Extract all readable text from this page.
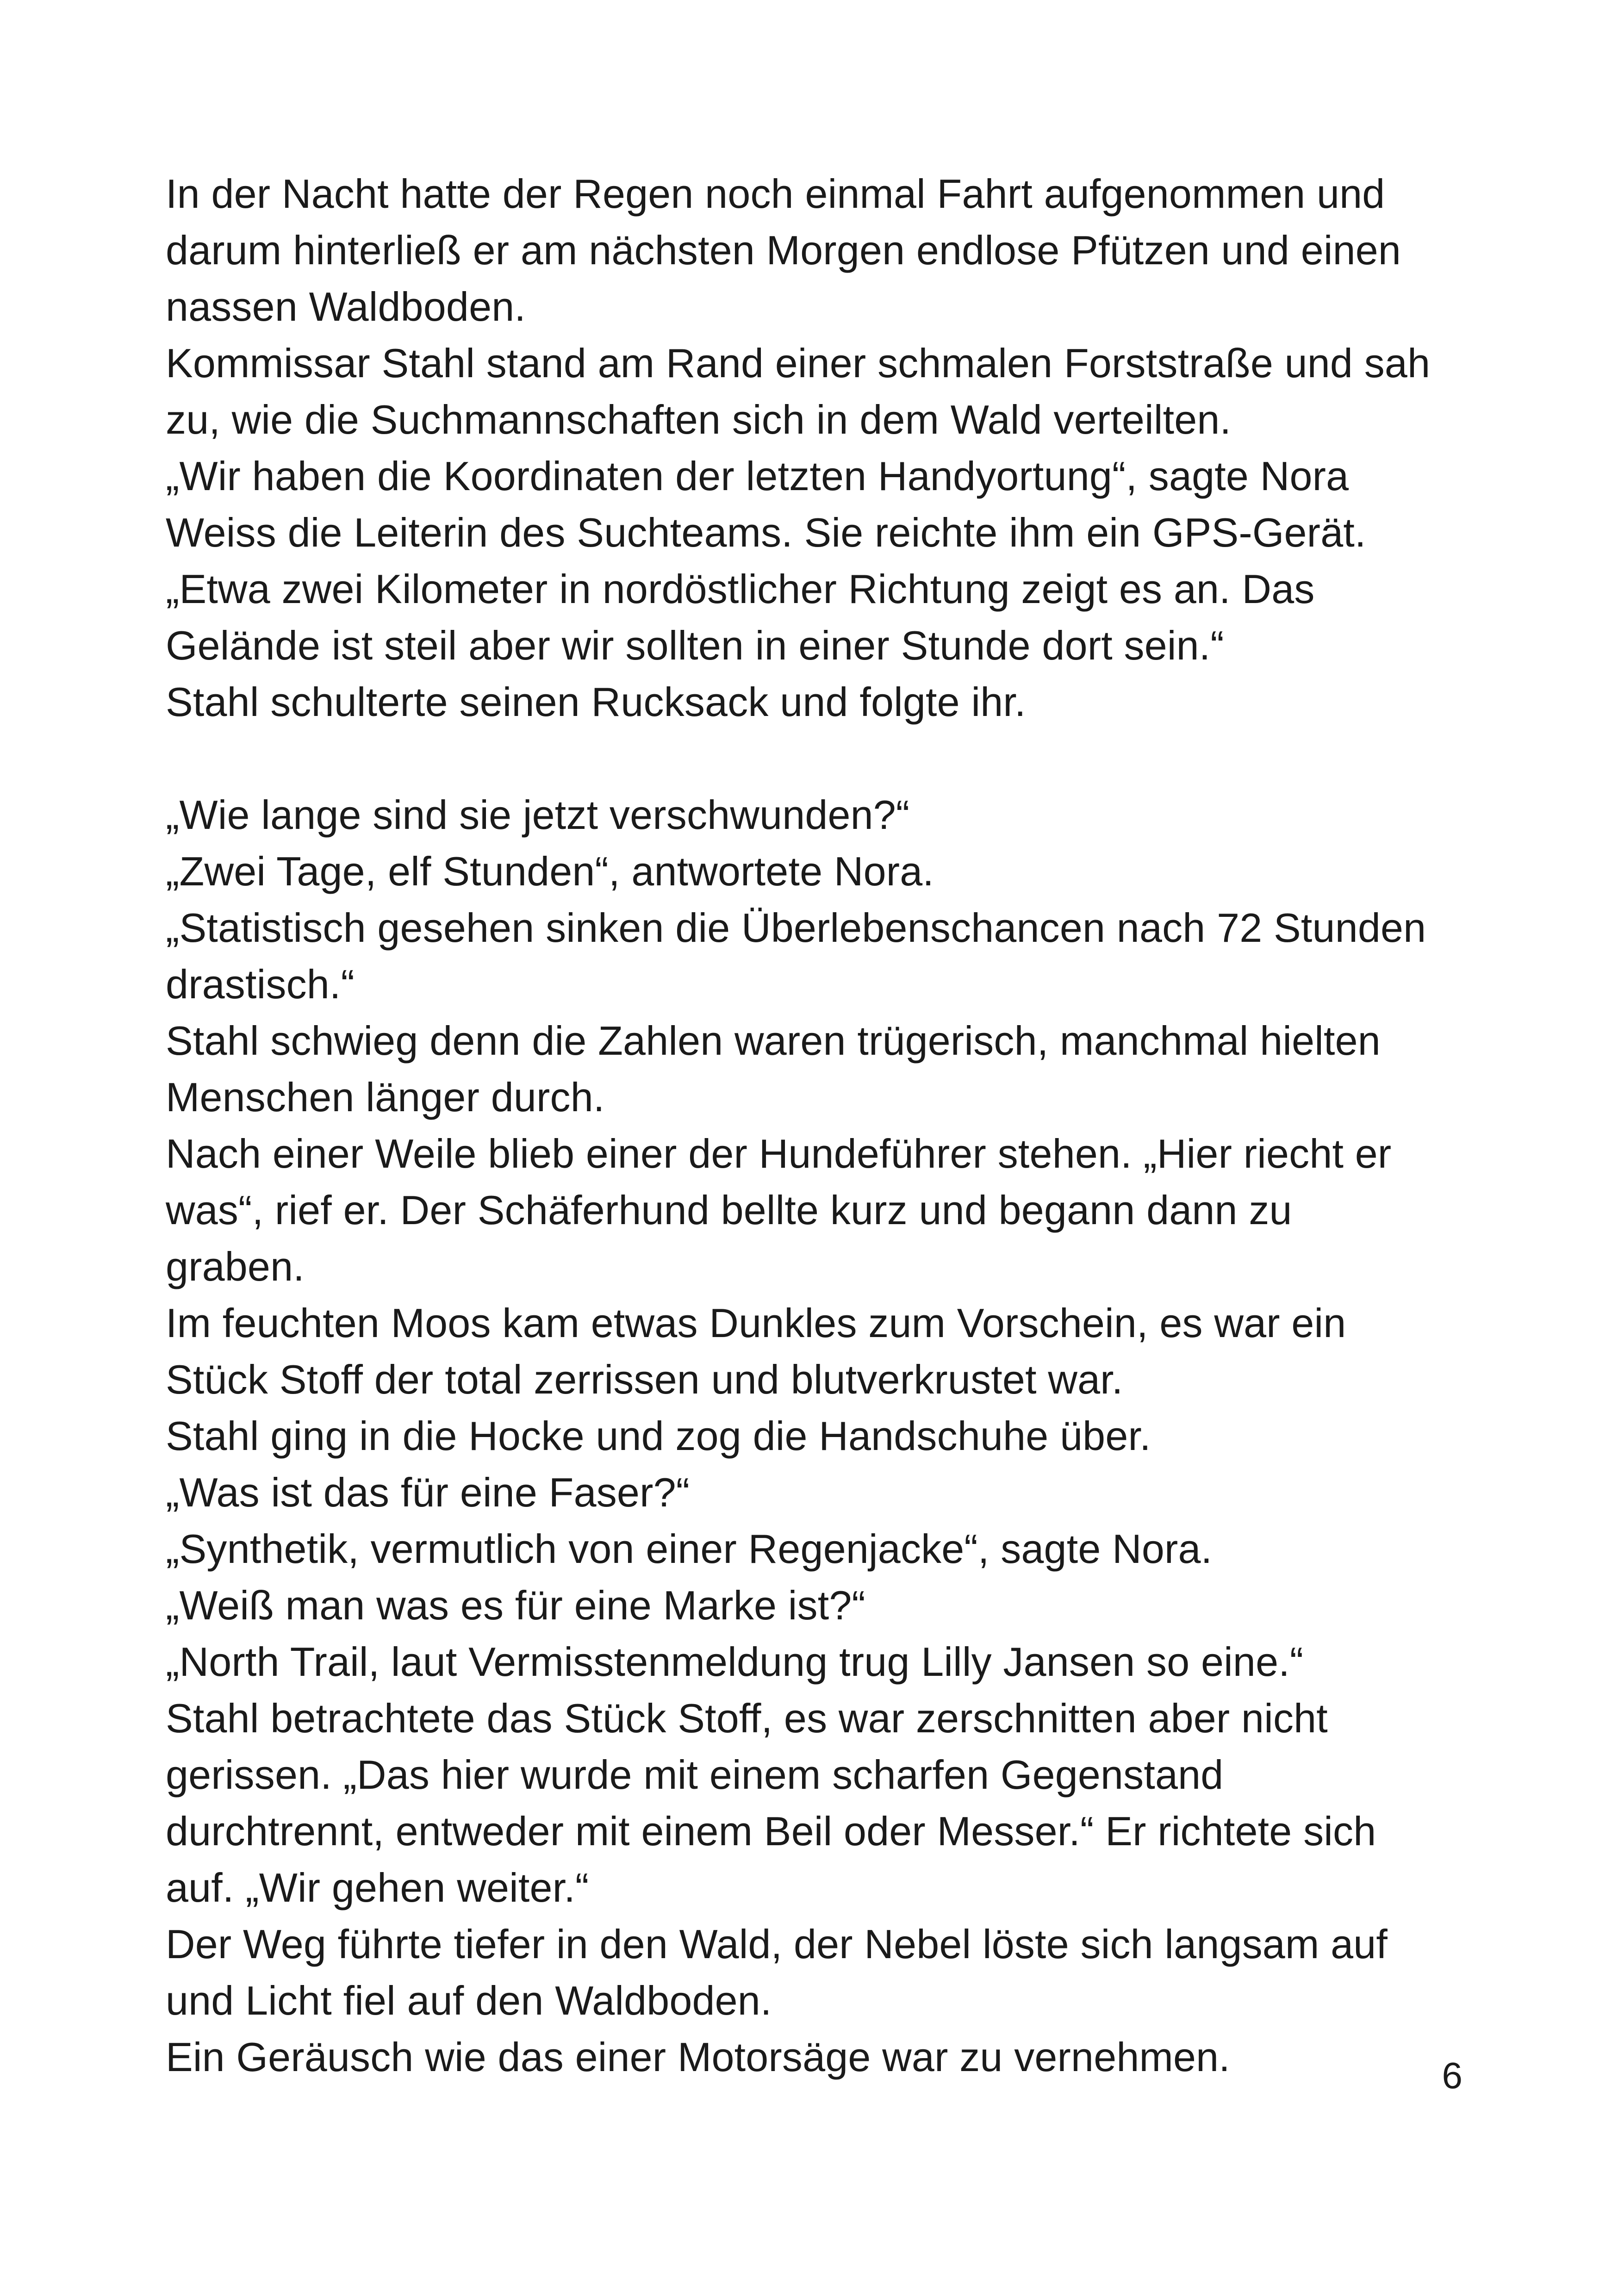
In der Nacht hatte der Regen noch einmal Fahrt aufgenommen und
darum hinterließ er am nächsten Morgen endlose Pfützen und einen
nassen Waldboden.
Kommissar Stahl stand am Rand einer schmalen Forststraße und sah
zu, wie die Suchmannschaften sich in dem Wald verteilten.
„Wir haben die Koordinaten der letzten Handyortung“, sagte Nora
Weiss die Leiterin des Suchteams. Sie reichte ihm ein GPS-Gerät.
„Etwa zwei Kilometer in nordöstlicher Richtung zeigt es an. Das
Gelände ist steil aber wir sollten in einer Stunde dort sein.“
Stahl schulterte seinen Rucksack und folgte ihr.
„Wie lange sind sie jetzt verschwunden?“
„Zwei Tage, elf Stunden“, antwortete Nora.
„Statistisch gesehen sinken die Überlebenschancen nach 72 Stunden
drastisch.“
Stahl schwieg denn die Zahlen waren trügerisch, manchmal hielten
Menschen länger durch.
Nach einer Weile blieb einer der Hundeführer stehen. „Hier riecht er
was“, rief er. Der Schäferhund bellte kurz und begann dann zu
graben.
Im feuchten Moos kam etwas Dunkles zum Vorschein, es war ein
Stück Stoff der total zerrissen und blutverkrustet war.
Stahl ging in die Hocke und zog die Handschuhe über.
„Was ist das für eine Faser?“
„Synthetik, vermutlich von einer Regenjacke“, sagte Nora.
„Weiß man was es für eine Marke ist?“
„North Trail, laut Vermisstenmeldung trug Lilly Jansen so eine.“
Stahl betrachtete das Stück Stoff, es war zerschnitten aber nicht
gerissen. „Das hier wurde mit einem scharfen Gegenstand
durchtrennt, entweder mit einem Beil oder Messer.“ Er richtete sich
auf. „Wir gehen weiter.“
Der Weg führte tiefer in den Wald, der Nebel löste sich langsam auf
und Licht fiel auf den Waldboden.
Ein Geräusch wie das einer Motorsäge war zu vernehmen.	6
